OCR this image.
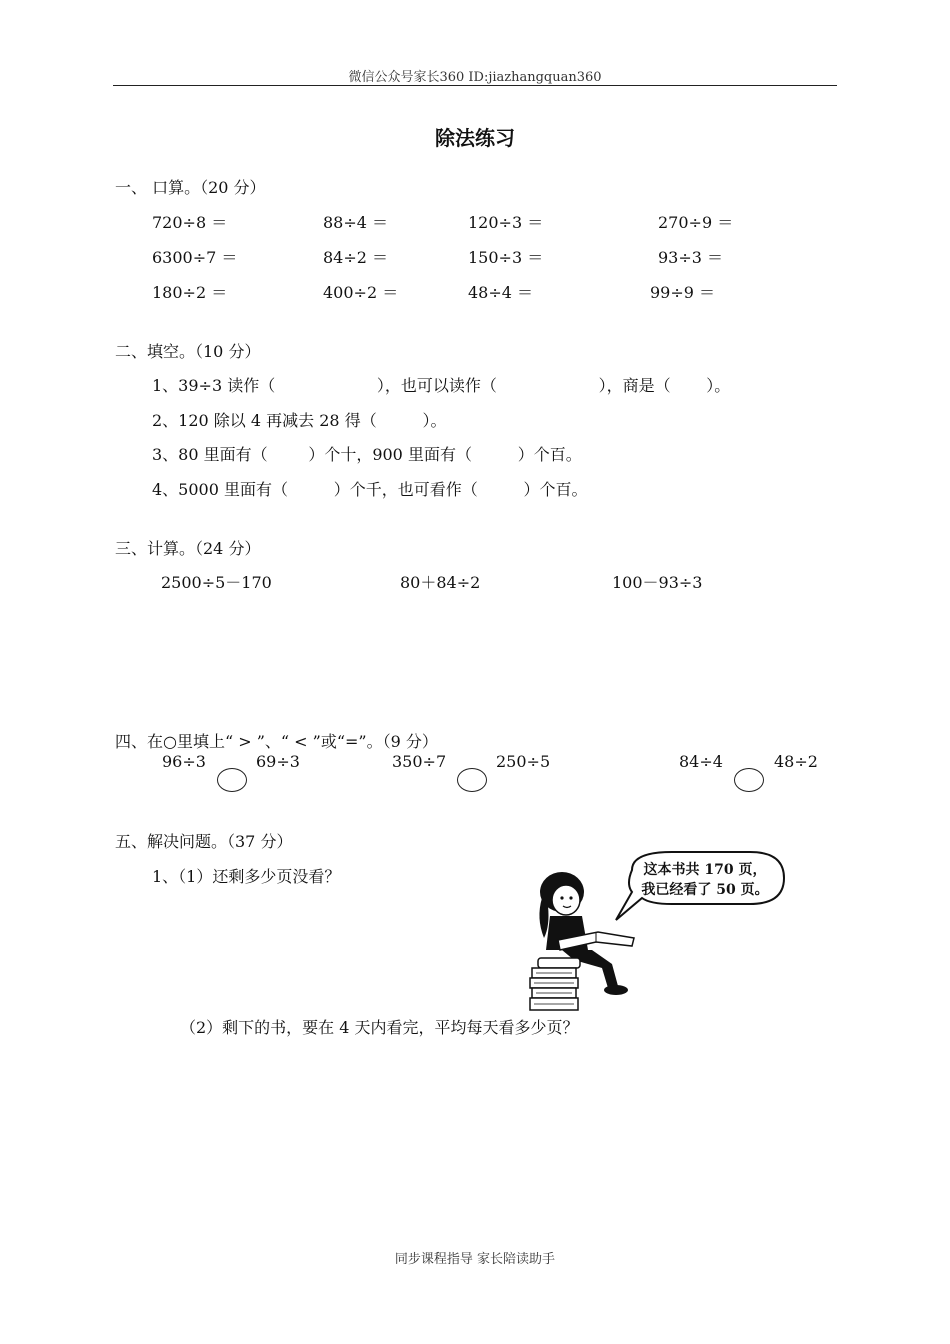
微信公众号家长360 ID:jiazhangquan360
除法练习
一、 口算。（20 分）
720÷8 ＝	88÷4 ＝	120÷3 ＝	270÷9 ＝
6300÷7 ＝	84÷2 ＝	150÷3 ＝	93÷3 ＝
180÷2 ＝	400÷2 ＝	48÷4 ＝	99÷9 ＝
二、填空。（10 分）
1、39÷3 读作（                    ），也可以读作（                    ），商是（       ）。
2、120 除以 4 再减去 28 得（         ）。
3、80 里面有（        ）个十，900 里面有（         ）个百。
4、5000 里面有（         ）个千，也可看作（         ）个百。
三、计算。（24 分）
2500÷5－170	80＋84÷2	100－93÷3
四、在○里填上“ > ”、“ < ”或“=”。（9 分）
96÷3	69÷3	350÷7	250÷5	84÷4	48÷2
五、解决问题。（37 分）
1、（1）还剩多少页没看？	这本书共 170 页，
我已经看了 50 页。
（2）剩下的书，要在 4 天内看完，平均每天看多少页？
同步课程指导 家长陪读助手
